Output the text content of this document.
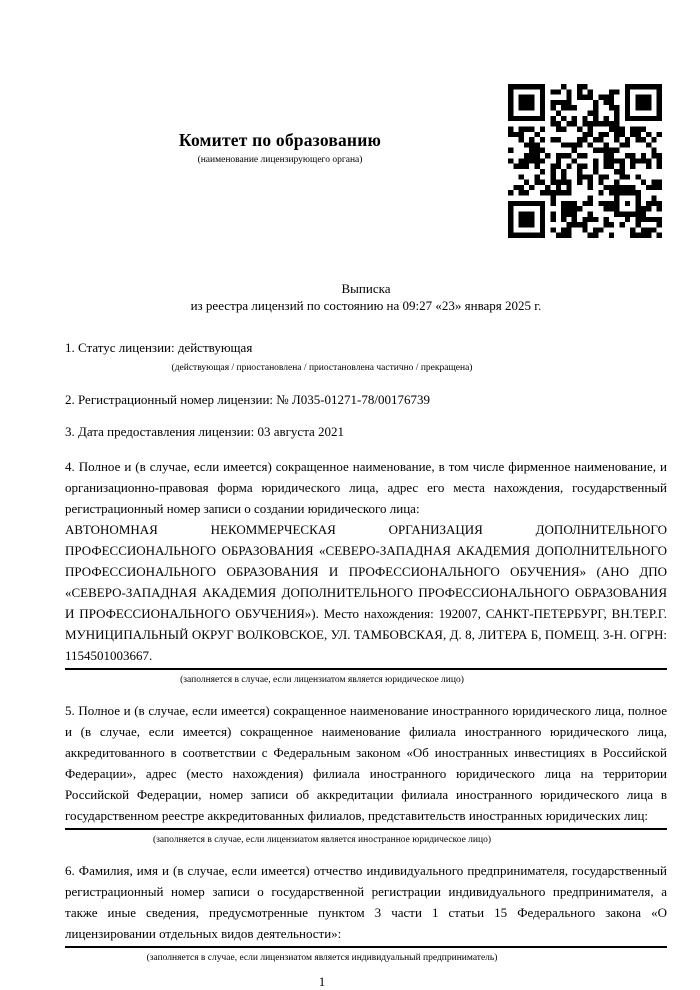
Комитет по образованию
(наименование лицензирующего органа)
Выписка
из реестра лицензий по состоянию на 09:27 «23» января 2025 г.

1. Статус лицензии: действующая

(действующая / приостановлена / приостановлена частично / прекращена)

2. Регистрационный номер лицензии: № Л035-01271-78/00176739

3. Дата предоставления лицензии: 03 августа 2021

4. Полное и (в случае, если имеется) сокращенное наименование, в том числе фирменное наименование, и организационно-правовая форма юридического лица, адрес его места нахождения, государственный регистрационный номер записи о создании юридического лица:

АВТОНОМНАЯ НЕКОММЕРЧЕСКАЯ ОРГАНИЗАЦИЯ ДОПОЛНИТЕЛЬНОГО ПРОФЕССИОНАЛЬНОГО ОБРАЗОВАНИЯ «СЕВЕРО-ЗАПАДНАЯ АКАДЕМИЯ ДОПОЛНИТЕЛЬНОГО ПРОФЕССИОНАЛЬНОГО ОБРАЗОВАНИЯ И ПРОФЕССИОНАЛЬНОГО ОБУЧЕНИЯ» (АНО ДПО «СЕВЕРО-ЗАПАДНАЯ АКАДЕМИЯ ДОПОЛНИТЕЛЬНОГО ПРОФЕССИОНАЛЬНОГО ОБРАЗОВАНИЯ И ПРОФЕССИОНАЛЬНОГО ОБУЧЕНИЯ»). Место нахождения: 192007, САНКТ-ПЕТЕРБУРГ, ВН.ТЕР.Г. МУНИЦИПАЛЬНЫЙ ОКРУГ ВОЛКОВСКОЕ, УЛ. ТАМБОВСКАЯ, Д. 8, ЛИТЕРА Б, ПОМЕЩ. 3-Н. ОГРН: 1154501003667.

(заполняется в случае, если лицензиатом является юридическое лицо)

5. Полное и (в случае, если имеется) сокращенное наименование иностранного юридического лица, полное и (в случае, если имеется) сокращенное наименование филиала иностранного юридического лица, аккредитованного в соответствии с Федеральным законом «Об иностранных инвестициях в Российской Федерации», адрес (место нахождения) филиала иностранного юридического лица на территории Российской Федерации, номер записи об аккредитации филиала иностранного юридического лица в государственном реестре аккредитованных филиалов, представительств иностранных юридических лиц:

(заполняется в случае, если лицензиатом является иностранное юридическое лицо)

6. Фамилия, имя и (в случае, если имеется) отчество индивидуального предпринимателя, государственный регистрационный номер записи о государственной регистрации индивидуального предпринимателя, а также иные сведения, предусмотренные пунктом 3 части 1 статьи 15 Федерального закона «О лицензировании отдельных видов деятельности»:

(заполняется в случае, если лицензиатом является индивидуальный предприниматель)
1
